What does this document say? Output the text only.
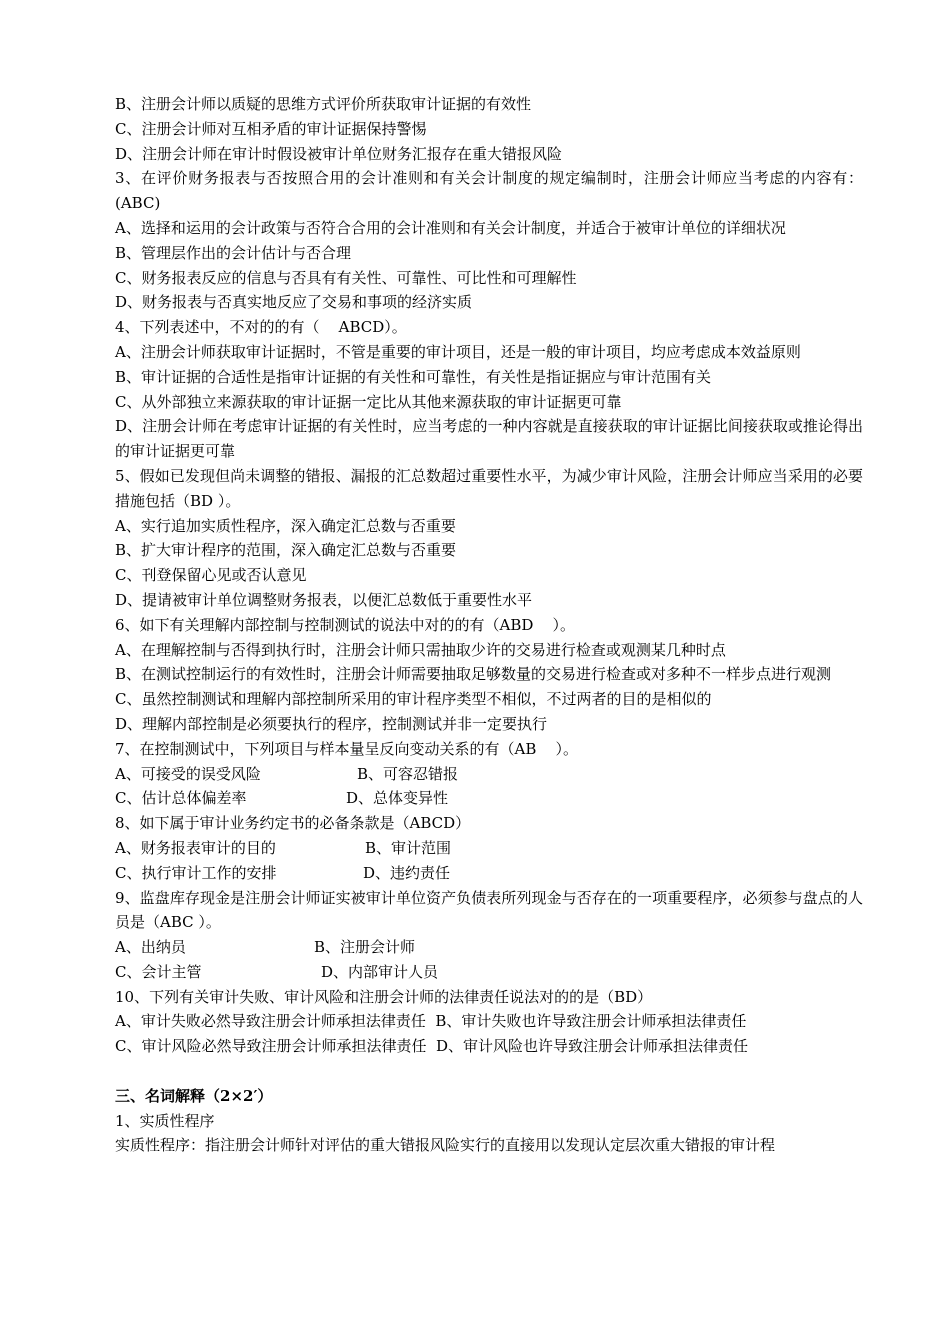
B、注册会计师以质疑的思维方式评价所获取审计证据的有效性

C、注册会计师对互相矛盾的审计证据保持警惕

D、注册会计师在审计时假设被审计单位财务汇报存在重大错报风险

3、在评价财务报表与否按照合用的会计准则和有关会计制度的规定编制时，注册会计师应当考虑的内容有：(ABC)

A、选择和运用的会计政策与否符合合用的会计准则和有关会计制度，并适合于被审计单位的详细状况

B、管理层作出的会计估计与否合理

C、财务报表反应的信息与否具有有关性、可靠性、可比性和可理解性

D、财务报表与否真实地反应了交易和事项的经济实质

4、下列表述中，不对的的有（    ABCD）。

A、注册会计师获取审计证据时，不管是重要的审计项目，还是一般的审计项目，均应考虑成本效益原则

B、审计证据的合适性是指审计证据的有关性和可靠性，有关性是指证据应与审计范围有关

C、从外部独立来源获取的审计证据一定比从其他来源获取的审计证据更可靠

D、注册会计师在考虑审计证据的有关性时，应当考虑的一种内容就是直接获取的审计证据比间接获取或推论得出的审计证据更可靠

5、假如已发现但尚未调整的错报、漏报的汇总数超过重要性水平，为减少审计风险，注册会计师应当采用的必要措施包括（BD ）。

A、实行追加实质性程序，深入确定汇总数与否重要

B、扩大审计程序的范围，深入确定汇总数与否重要

C、刊登保留心见或否认意见

D、提请被审计单位调整财务报表，以便汇总数低于重要性水平

6、如下有关理解内部控制与控制测试的说法中对的的有（ABD    ）。

A、在理解控制与否得到执行时，注册会计师只需抽取少许的交易进行检查或观测某几种时点

B、在测试控制运行的有效性时，注册会计师需要抽取足够数量的交易进行检查或对多种不一样步点进行观测

C、虽然控制测试和理解内部控制所采用的审计程序类型不相似，不过两者的目的是相似的

D、理解内部控制是必须要执行的程序，控制测试并非一定要执行

7、在控制测试中，下列项目与样本量呈反向变动关系的有（AB    ）。

A、可接受的误受风险	B、可容忍错报
C、估计总体偏差率	D、总体变异性

8、如下属于审计业务约定书的必备条款是（ABCD）

A、财务报表审计的目的	B、审计范围
C、执行审计工作的安排	D、违约责任

9、监盘库存现金是注册会计师证实被审计单位资产负债表所列现金与否存在的一项重要程序，必须参与盘点的人员是（ABC ）。

A、出纳员	B、注册会计师
C、会计主管	D、内部审计人员

10、下列有关审计失败、审计风险和注册会计师的法律责任说法对的的是（BD）

A、审计失败必然导致注册会计师承担法律责任  B、审计失败也许导致注册会计师承担法律责任

C、审计风险必然导致注册会计师承担法律责任  D、审计风险也许导致注册会计师承担法律责任

三、名词解释（2×2′）

1、实质性程序

实质性程序：指注册会计师针对评估的重大错报风险实行的直接用以发现认定层次重大错报的审计程
